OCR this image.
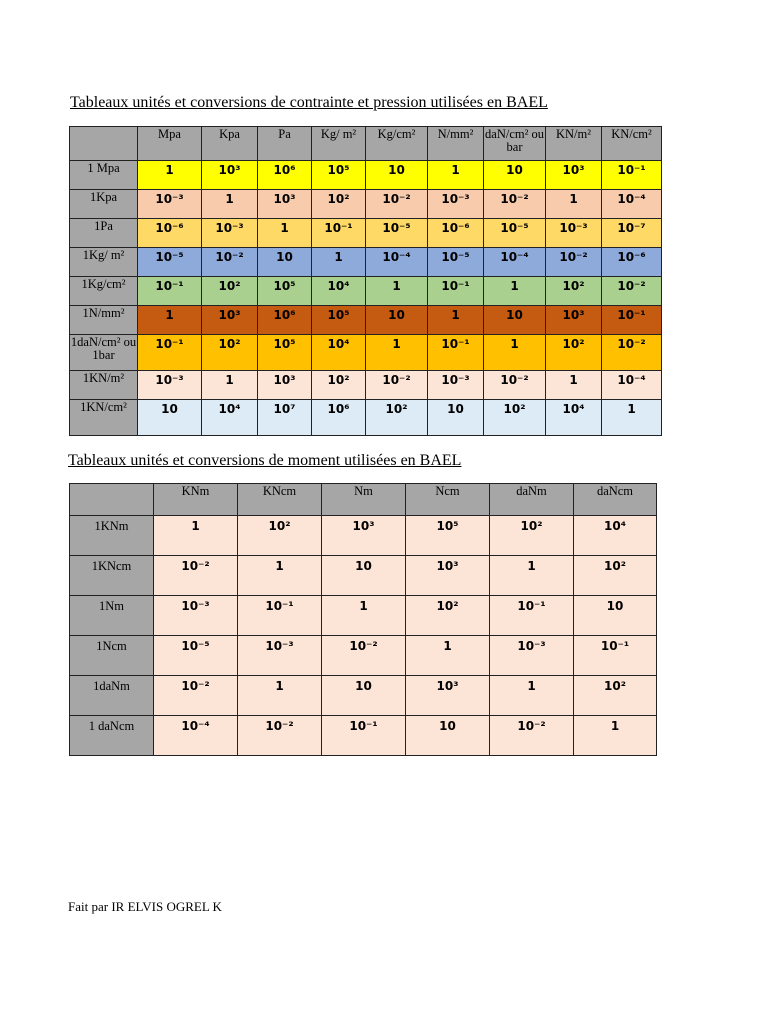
Tableaux unités et conversions de contrainte et pression utilisées en BAEL
	Mpa	Kpa	Pa	Kg/ m²	Kg/cm²	N/mm²	daN/cm² ou bar	KN/m²	KN/cm²
1 Mpa	1	10³	10⁶	10⁵	10	1	10	10³	10⁻¹
1Kpa	10⁻³	1	10³	10²	10⁻²	10⁻³	10⁻²	1	10⁻⁴
1Pa	10⁻⁶	10⁻³	1	10⁻¹	10⁻⁵	10⁻⁶	10⁻⁵	10⁻³	10⁻⁷
1Kg/ m²	10⁻⁵	10⁻²	10	1	10⁻⁴	10⁻⁵	10⁻⁴	10⁻²	10⁻⁶
1Kg/cm²	10⁻¹	10²	10⁵	10⁴	1	10⁻¹	1	10²	10⁻²
1N/mm²	1	10³	10⁶	10⁵	10	1	10	10³	10⁻¹
1daN/cm² ou 1bar	10⁻¹	10²	10⁵	10⁴	1	10⁻¹	1	10²	10⁻²
1KN/m²	10⁻³	1	10³	10²	10⁻²	10⁻³	10⁻²	1	10⁻⁴
1KN/cm²	10	10⁴	10⁷	10⁶	10²	10	10²	10⁴	1
Tableaux unités et conversions de moment utilisées en BAEL
	KNm	KNcm	Nm	Ncm	daNm	daNcm
1KNm	1	10²	10³	10⁵	10²	10⁴
1KNcm	10⁻²	1	10	10³	1	10²
1Nm	10⁻³	10⁻¹	1	10²	10⁻¹	10
1Ncm	10⁻⁵	10⁻³	10⁻²	1	10⁻³	10⁻¹
1daNm	10⁻²	1	10	10³	1	10²
1 daNcm	10⁻⁴	10⁻²	10⁻¹	10	10⁻²	1
Fait par IR ELVIS OGREL K
